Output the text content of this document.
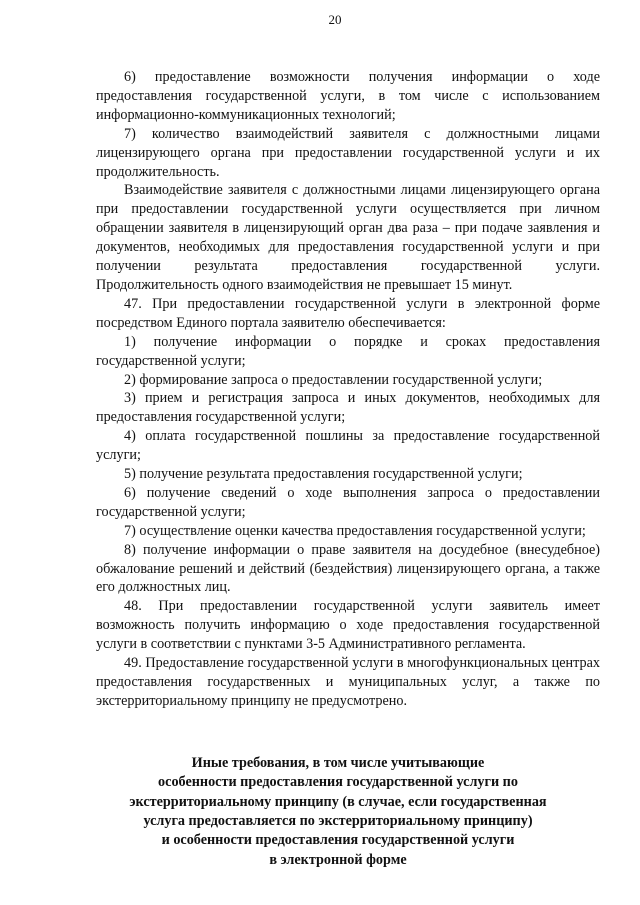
20

6) предоставление возможности получения информации о ходе предоставления государственной услуги, в том числе с использованием информационно-коммуникационных технологий;

7) количество взаимодействий заявителя с должностными лицами лицензирующего органа при предоставлении государственной услуги и их продолжительность.

Взаимодействие заявителя с должностными лицами лицензирующего органа при предоставлении государственной услуги осуществляется при личном обращении заявителя в лицензирующий орган два раза – при подаче заявления и документов, необходимых для предоставления государственной услуги и при получении результата предоставления государственной услуги. Продолжительность одного взаимодействия не превышает 15 минут.

47. При предоставлении государственной услуги в электронной форме посредством Единого портала заявителю обеспечивается:

1) получение информации о порядке и сроках предоставления государственной услуги;

2) формирование запроса о предоставлении государственной услуги;

3) прием и регистрация запроса и иных документов, необходимых для предоставления государственной услуги;

4) оплата государственной пошлины за предоставление государственной услуги;

5) получение результата предоставления государственной услуги;

6) получение сведений о ходе выполнения запроса о предоставлении государственной услуги;

7) осуществление оценки качества предоставления государственной услуги;

8) получение информации о праве заявителя на досудебное (внесудебное) обжалование решений и действий (бездействия) лицензирующего органа, а также его должностных лиц.

48. При предоставлении государственной услуги заявитель имеет возможность получить информацию о ходе предоставления государственной услуги в соответствии с пунктами 3-5 Административного регламента.

49. Предоставление государственной услуги в многофункциональных центрах предоставления государственных и муниципальных услуг, а также по экстерриториальному принципу не предусмотрено.

Иные требования, в том числе учитывающие
особенности предоставления государственной услуги по
экстерриториальному принципу (в случае, если государственная
услуга предоставляется по экстерриториальному принципу)
и особенности предоставления государственной услуги
в электронной форме
